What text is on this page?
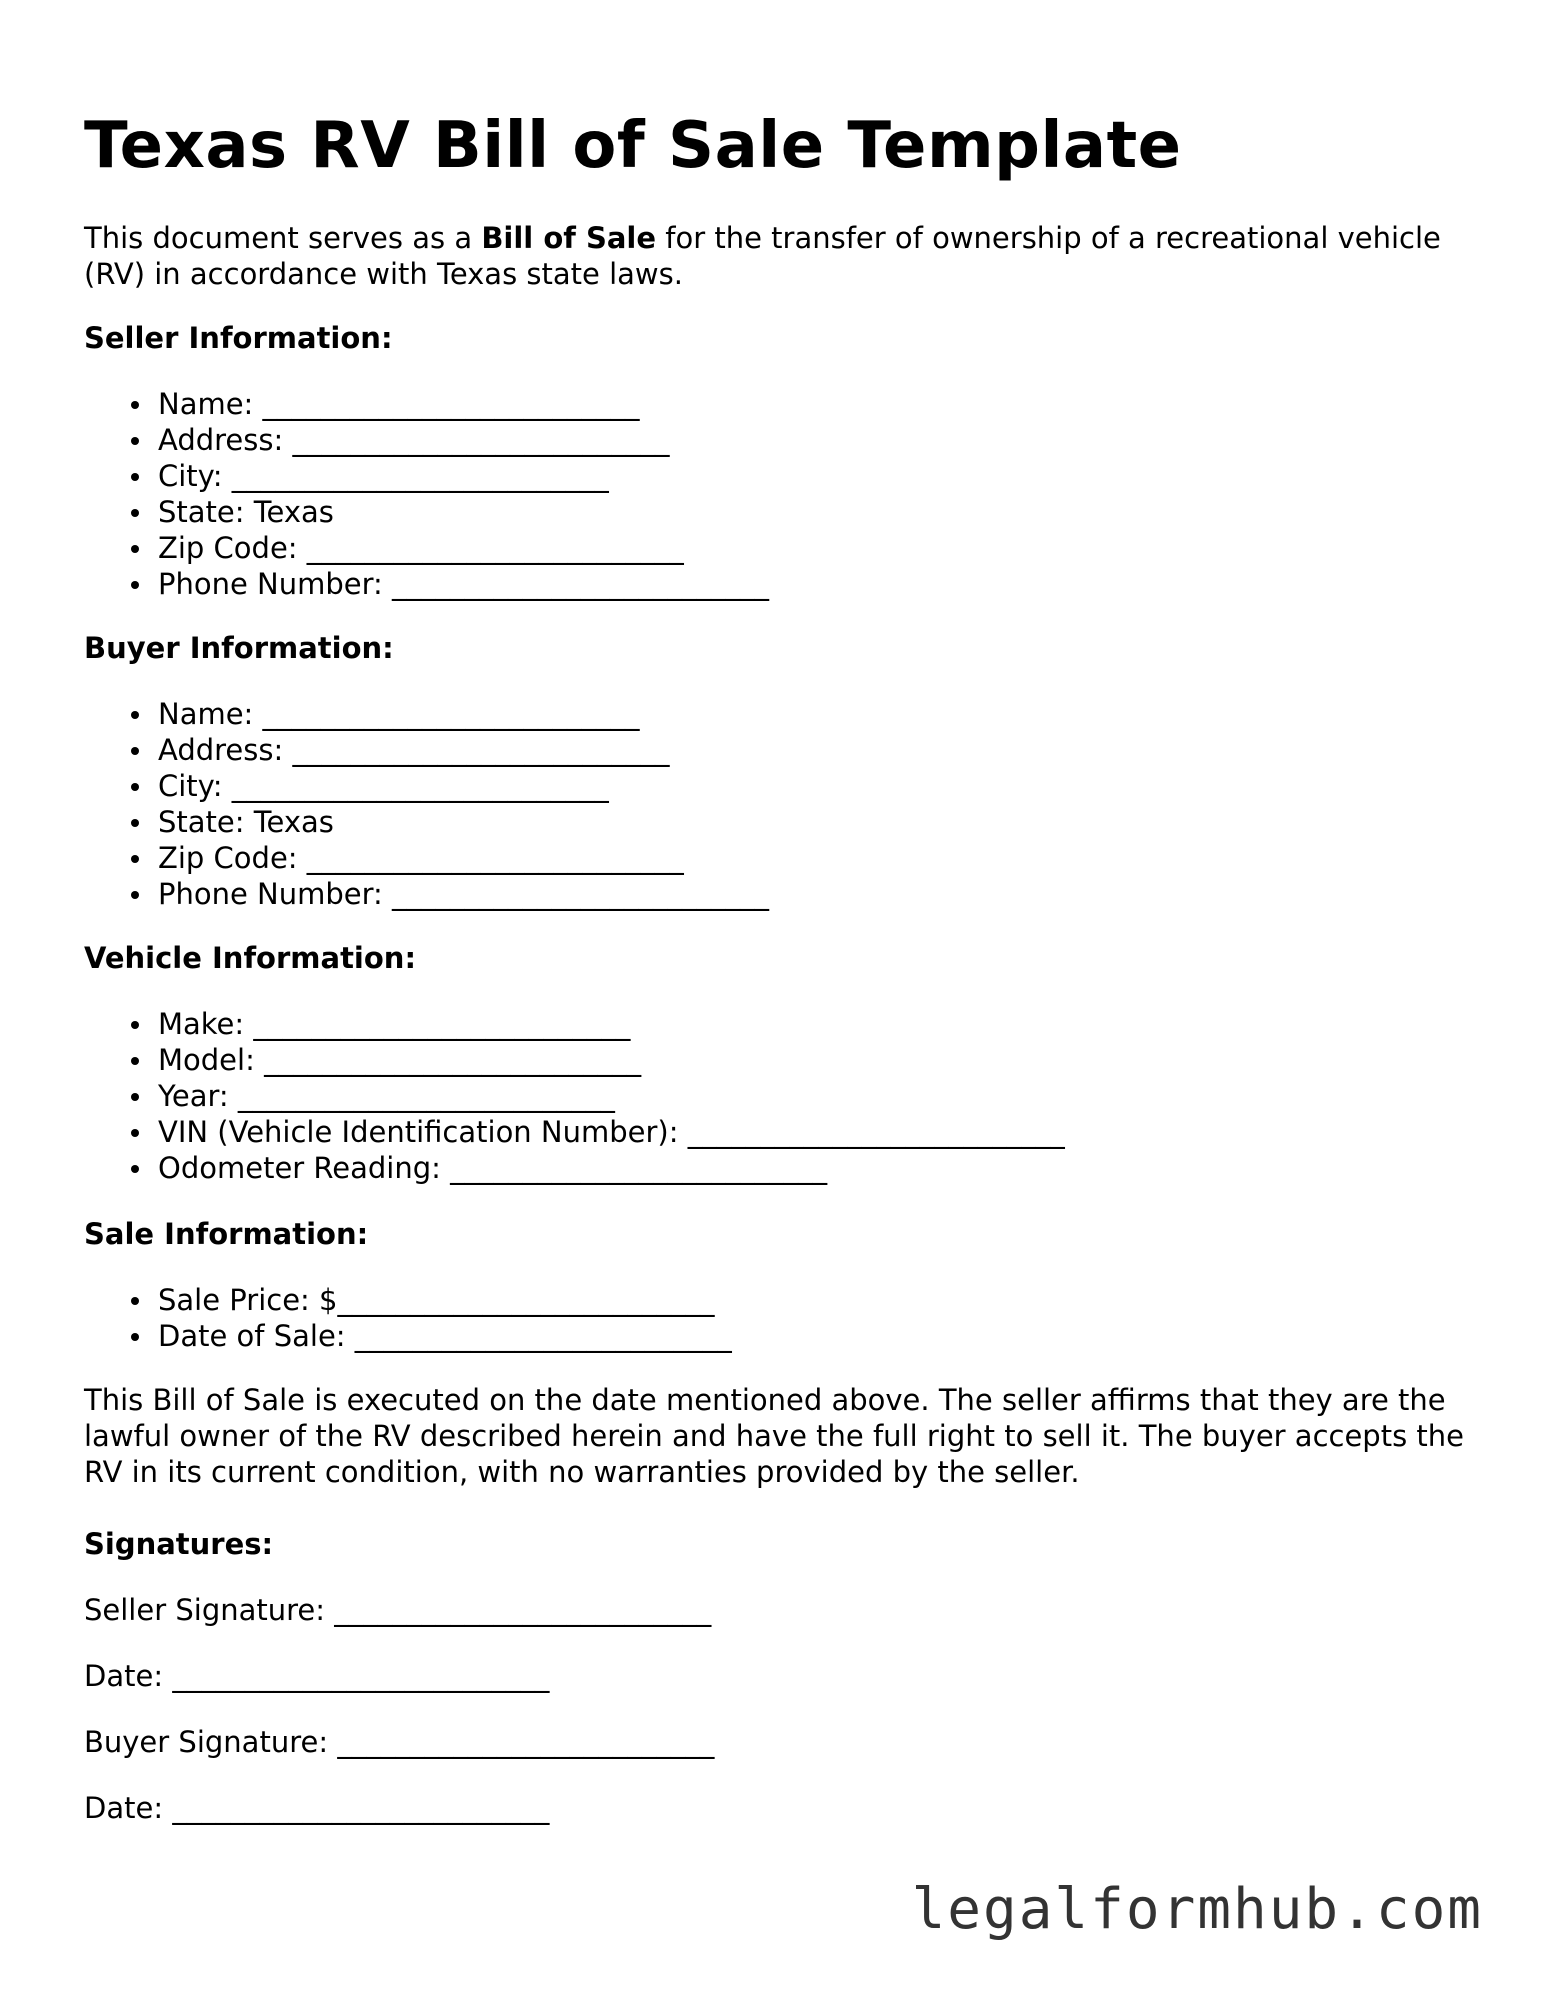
Texas RV Bill of Sale Template

This document serves as a Bill of Sale for the transfer of ownership of a recreational vehicle (RV) in accordance with Texas state laws.

Seller Information:
Name: __________________________
Address: __________________________
City: __________________________
State: Texas
Zip Code: __________________________
Phone Number: __________________________
Buyer Information:
Name: __________________________
Address: __________________________
City: __________________________
State: Texas
Zip Code: __________________________
Phone Number: __________________________
Vehicle Information:
Make: __________________________
Model: __________________________
Year: __________________________
VIN (Vehicle Identification Number): __________________________
Odometer Reading: __________________________
Sale Information:
Sale Price: $__________________________
Date of Sale: __________________________

This Bill of Sale is executed on the date mentioned above. The seller affirms that they are the lawful owner of the RV described herein and have the full right to sell it. The buyer accepts the RV in its current condition, with no warranties provided by the seller.

Signatures:
Seller Signature: __________________________
Date: __________________________
Buyer Signature: __________________________
Date: __________________________
legalformhub.com
